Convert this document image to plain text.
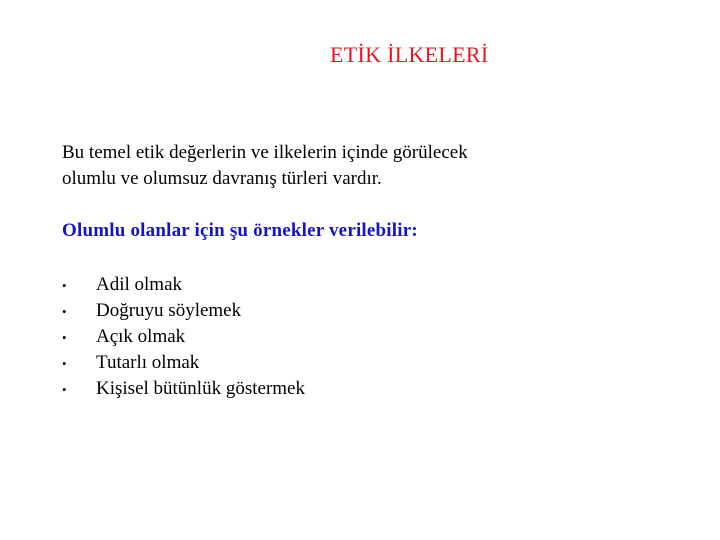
ETİK İLKELERİ
Bu temel etik değerlerin ve ilkelerin içinde görülecek
olumlu ve olumsuz davranış türleri vardır.
Olumlu olanlar için şu örnekler verilebilir:
•	Adil olmak
•	Doğruyu söylemek
•	Açık olmak
•	Tutarlı olmak
•	Kişisel bütünlük göstermek
